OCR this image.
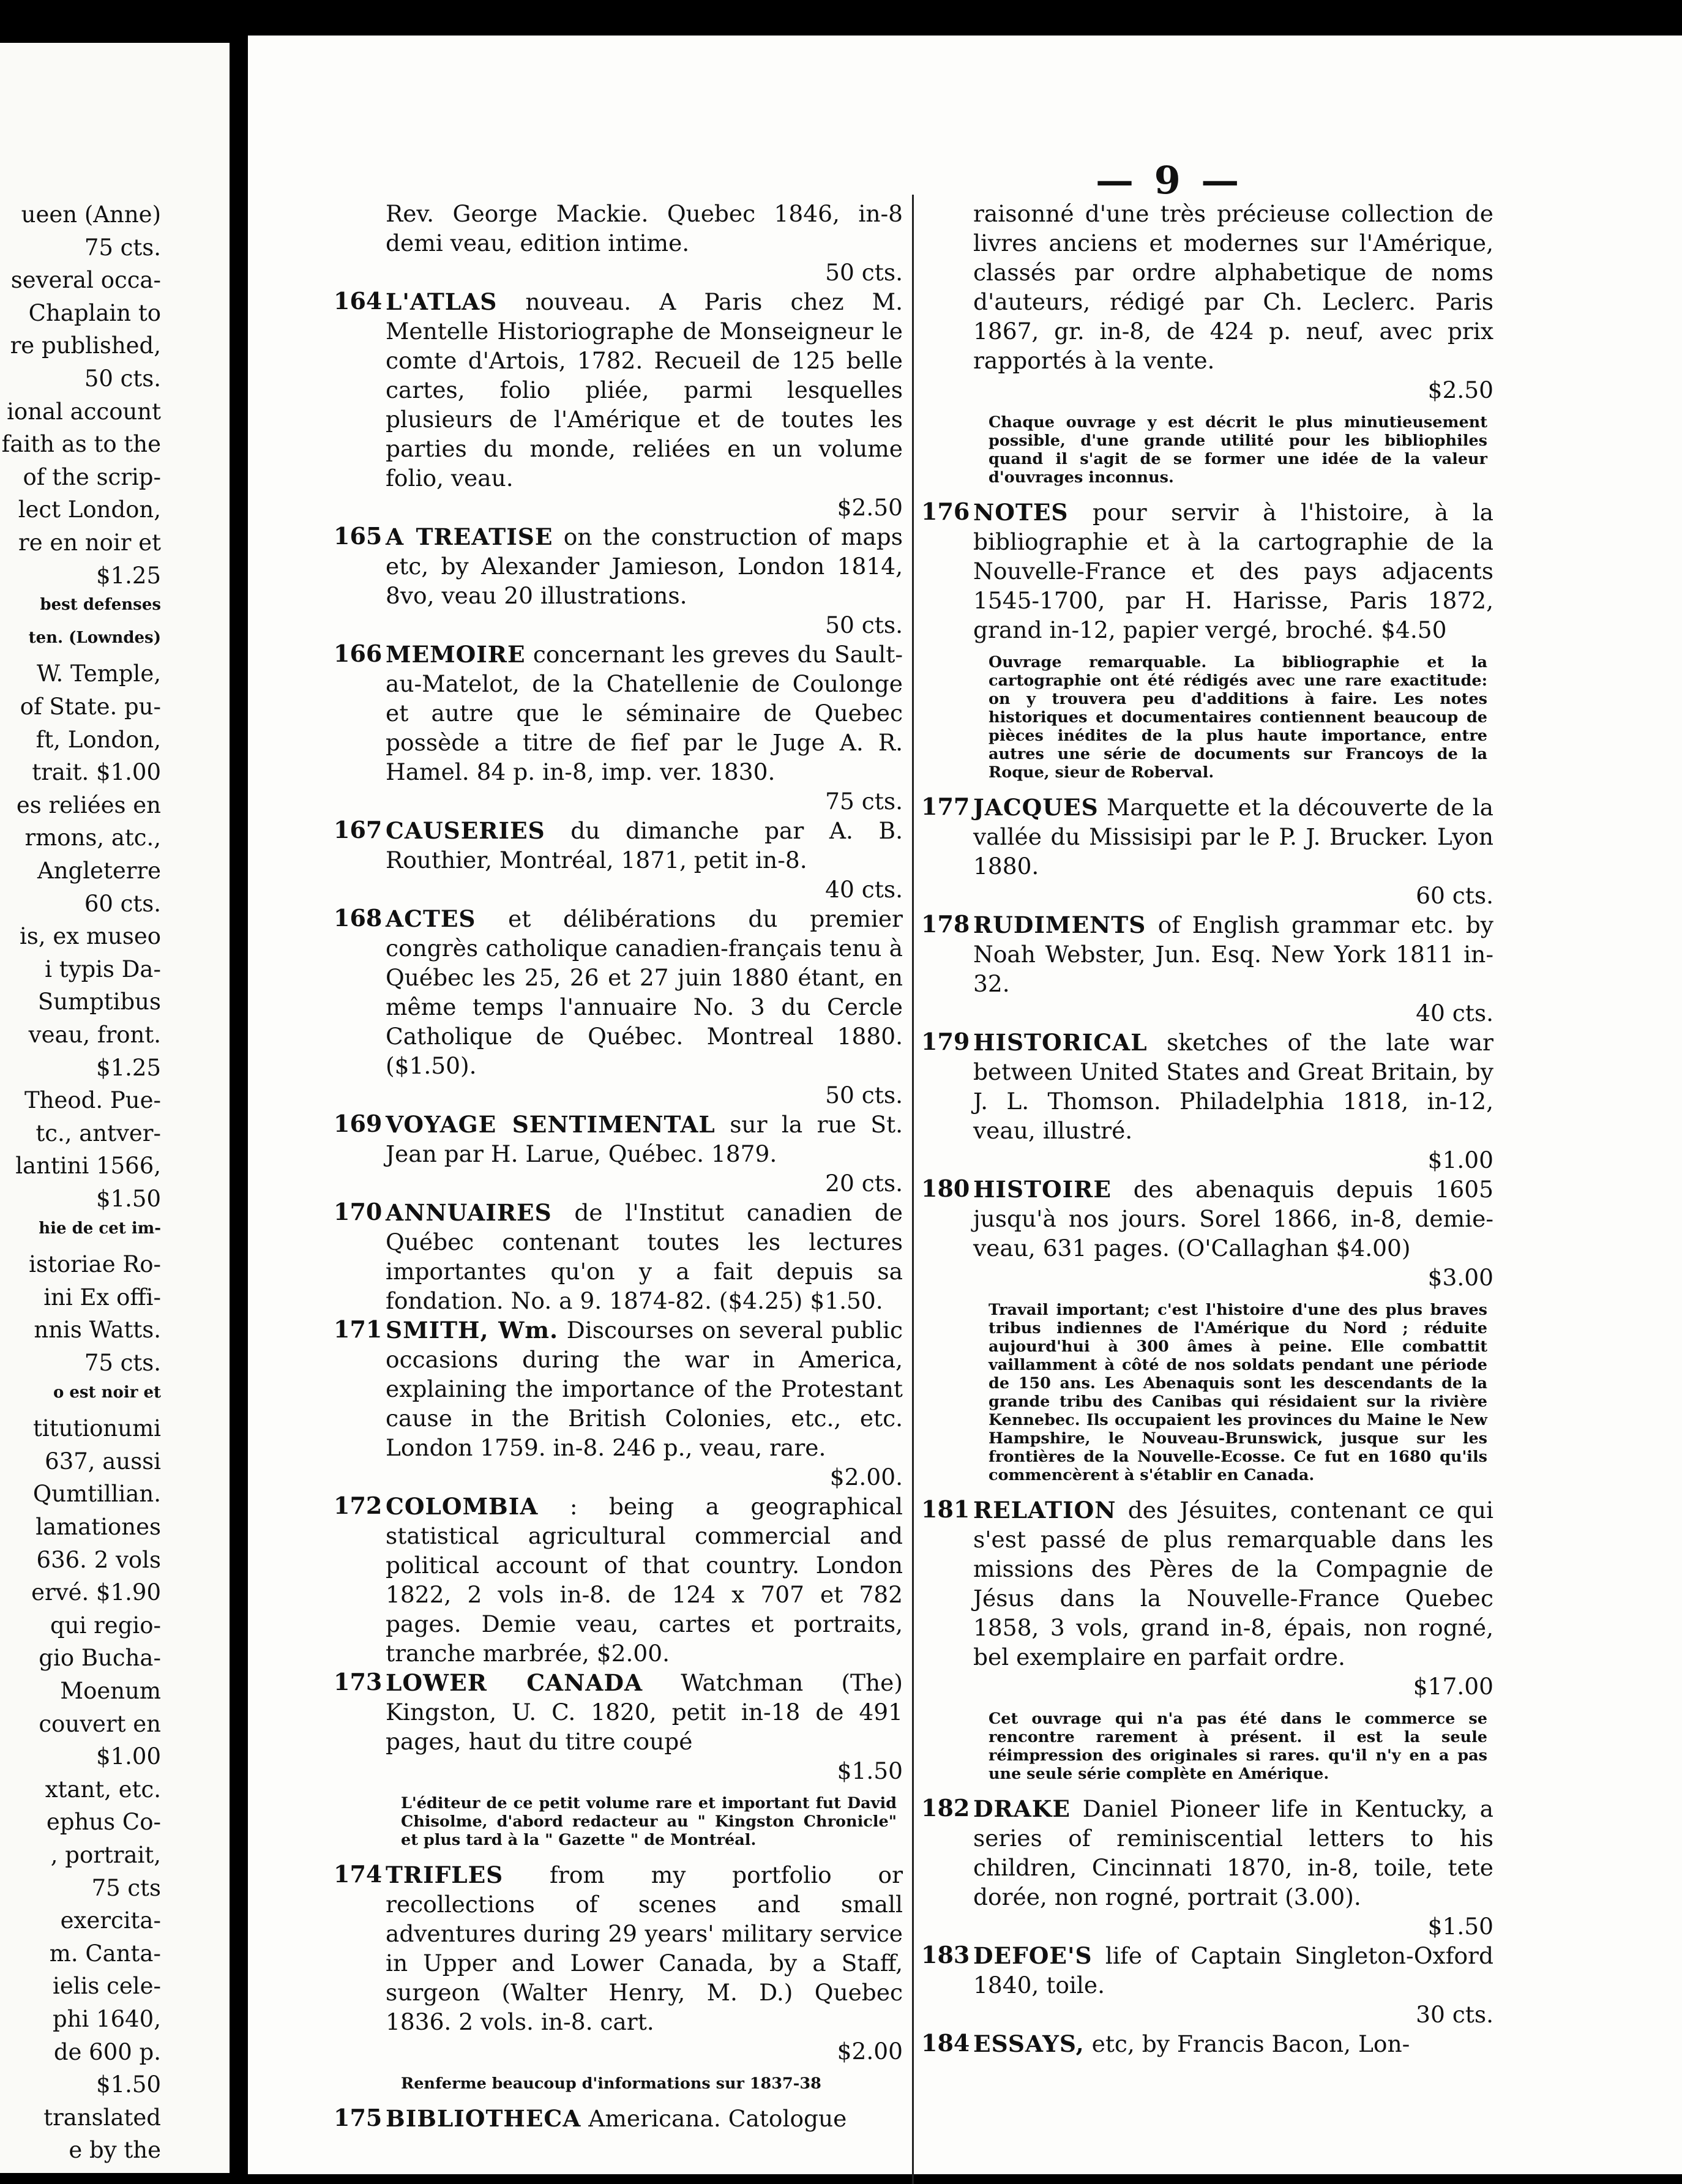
ueen (Anne)
75 cts.
several occa-
Chaplain to
re published,
50 cts.
ional account
faith as to the
of the scrip-
lect London,
re en noir et
$1.25
best defenses
ten. (Lowndes)
W. Temple,
of State. pu-
ft, London,
trait. $1.00
es reliées en
rmons, atc.,
Angleterre
60 cts.
is, ex museo
i typis Da-
Sumptibus
veau, front.
$1.25
Theod. Pue-
tc., antver-
lantini 1566,
$1.50
hie de cet im-
istoriae Ro-
ini Ex offi-
nnis Watts.
75 cts.
o est noir et
titutionumi
637, aussi
Qumtillian.
lamationes
636. 2 vols
ervé. $1.90
qui regio-
gio Bucha-
Moenum
couvert en
$1.00
xtant, etc.
ephus Co-
, portrait,
75 cts
exercita-
m. Canta-
ielis cele-
phi 1640,
de 600 p.
$1.50
translated
e by the
— 9 —
Rev. George Mackie. Quebec 1846, in-8 demi veau, edition intime.
50 cts.
164 L'ATLAS nouveau. A Paris chez M. Mentelle Historiographe de Monseigneur le comte d'Artois, 1782. Recueil de 125 belle cartes, folio pliée, parmi lesquelles plusieurs de l'Amérique et de toutes les parties du monde, reliées en un volume folio, veau.
$2.50
165 A TREATISE on the construction of maps etc, by Alexander Jamieson, London 1814, 8vo, veau 20 illustrations.
50 cts.
166 MEMOIRE concernant les greves du Sault-au-Matelot, de la Chatellenie de Coulonge et autre que le séminaire de Quebec possède a titre de fief par le Juge A. R. Hamel. 84 p. in-8, imp. ver. 1830.
75 cts.
167 CAUSERIES du dimanche par A. B. Routhier, Montréal, 1871, petit in-8.
40 cts.
168 ACTES et délibérations du premier congrès catholique canadien-français tenu à Québec les 25, 26 et 27 juin 1880 étant, en même temps l'annuaire No. 3 du Cercle Catholique de Québec. Montreal 1880. ($1.50).
50 cts.
169 VOYAGE SENTIMENTAL sur la rue St. Jean par H. Larue, Québec. 1879.
20 cts.
170 ANNUAIRES de l'Institut canadien de Québec contenant toutes les lectures importantes qu'on y a fait depuis sa fondation. No. a 9. 1874-82. ($4.25) $1.50.
171 SMITH, Wm. Discourses on several public occasions during the war in America, explaining the importance of the Protestant cause in the British Colonies, etc., etc. London 1759. in-8. 246 p., veau, rare.
$2.00.
172 COLOMBIA : being a geographical statistical agricultural commercial and political account of that country. London 1822, 2 vols in-8. de 124 x 707 et 782 pages. Demie veau, cartes et portraits, tranche marbrée, $2.00.
173 LOWER CANADA Watchman (The) Kingston, U. C. 1820, petit in-18 de 491 pages, haut du titre coupé
$1.50
L'éditeur de ce petit volume rare et important fut David Chisolme, d'abord redacteur au " Kingston Chronicle" et plus tard à la " Gazette " de Montréal.
174 TRIFLES from my portfolio or recollections of scenes and small adventures during 29 years' military service in Upper and Lower Canada, by a Staff, surgeon (Walter Henry, M. D.) Quebec 1836. 2 vols. in-8. cart.
$2.00
Renferme beaucoup d'informations sur 1837-38
175 BIBLIOTHECA Americana. Catologue
raisonné d'une très précieuse collection de livres anciens et modernes sur l'Amérique, classés par ordre alphabetique de noms d'auteurs, rédigé par Ch. Leclerc. Paris 1867, gr. in-8, de 424 p. neuf, avec prix rapportés à la vente.
$2.50
Chaque ouvrage y est décrit le plus minutieusement possible, d'une grande utilité pour les bibliophiles quand il s'agit de se former une idée de la valeur d'ouvrages inconnus.
176 NOTES pour servir à l'histoire, à la bibliographie et à la cartographie de la Nouvelle-France et des pays adjacents 1545-1700, par H. Harisse, Paris 1872, grand in-12, papier vergé, broché. $4.50
Ouvrage remarquable. La bibliographie et la cartographie ont été rédigés avec une rare exactitude: on y trouvera peu d'additions à faire. Les notes historiques et documentaires contiennent beaucoup de pièces inédites de la plus haute importance, entre autres une série de documents sur Francoys de la Roque, sieur de Roberval.
177 JACQUES Marquette et la découverte de la vallée du Missisipi par le P. J. Brucker. Lyon 1880.
60 cts.
178 RUDIMENTS of English grammar etc. by Noah Webster, Jun. Esq. New York 1811 in-32.
40 cts.
179 HISTORICAL sketches of the late war between United States and Great Britain, by J. L. Thomson. Philadelphia 1818, in-12, veau, illustré.
$1.00
180 HISTOIRE des abenaquis depuis 1605 jusqu'à nos jours. Sorel 1866, in-8, demie-veau, 631 pages. (O'Callaghan $4.00)
$3.00
Travail important; c'est l'histoire d'une des plus braves tribus indiennes de l'Amérique du Nord ; réduite aujourd'hui à 300 âmes à peine. Elle combattit vaillamment à côté de nos soldats pendant une période de 150 ans. Les Abenaquis sont les descendants de la grande tribu des Canibas qui résidaient sur la rivière Kennebec. Ils occupaient les provinces du Maine le New Hampshire, le Nouveau-Brunswick, jusque sur les frontières de la Nouvelle-Ecosse. Ce fut en 1680 qu'ils commencèrent à s'établir en Canada.
181 RELATION des Jésuites, contenant ce qui s'est passé de plus remarquable dans les missions des Pères de la Compagnie de Jésus dans la Nouvelle-France Quebec 1858, 3 vols, grand in-8, épais, non rogné, bel exemplaire en parfait ordre.
$17.00
Cet ouvrage qui n'a pas été dans le commerce se rencontre rarement à présent. il est la seule réimpression des originales si rares. qu'il n'y en a pas une seule série complète en Amérique.
182 DRAKE Daniel Pioneer life in Kentucky, a series of reminiscential letters to his children, Cincinnati 1870, in-8, toile, tete dorée, non rogné, portrait (3.00).
$1.50
183 DEFOE'S life of Captain Singleton-Oxford 1840, toile.
30 cts.
184 ESSAYS, etc, by Francis Bacon, Lon-
